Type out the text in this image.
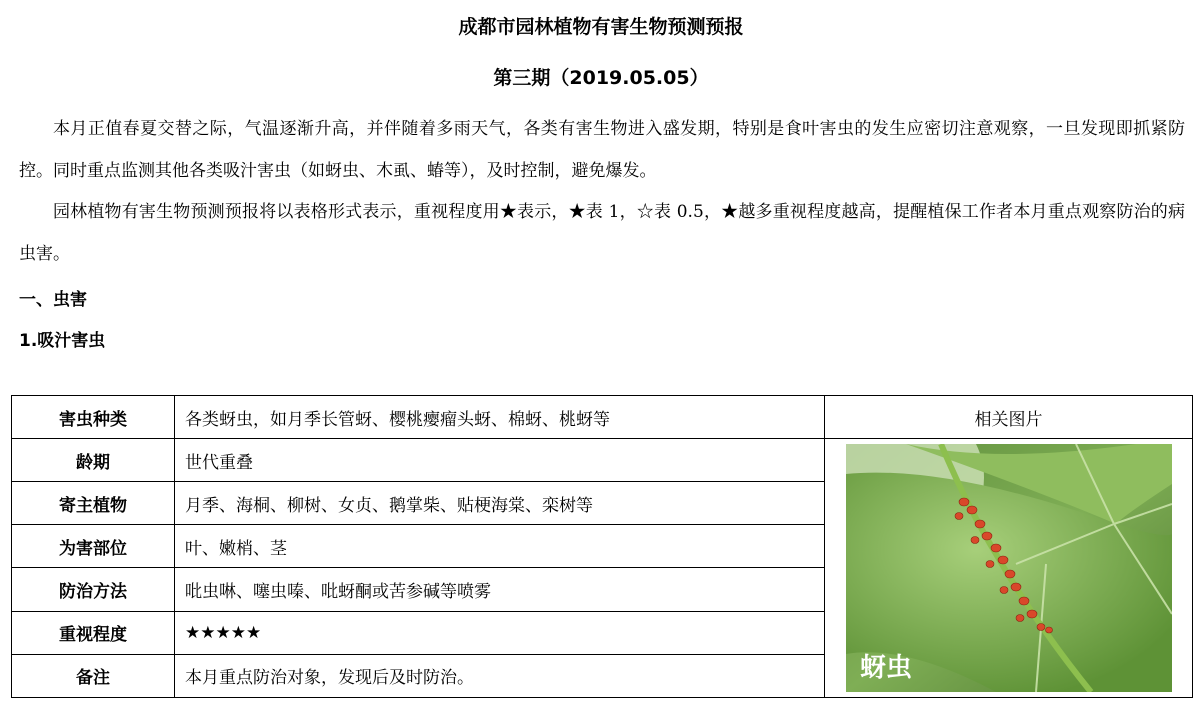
成都市园林植物有害生物预测预报
第三期（2019.05.05）

本月正值春夏交替之际，气温逐渐升高，并伴随着多雨天气，各类有害生物进入盛发期，特别是食叶害虫的发生应密切注意观察，一旦发现即抓紧防控。同时重点监测其他各类吸汁害虫（如蚜虫、木虱、蝽等），及时控制，避免爆发。

园林植物有害生物预测预报将以表格形式表示，重视程度用★表示，★表 1，☆表 0.5，★越多重视程度越高，提醒植保工作者本月重点观察防治的病虫害。

一、虫害
1.吸汁害虫
害虫种类	各类蚜虫，如月季长管蚜、樱桃瘿瘤头蚜、棉蚜、桃蚜等	相关图片
龄期	世代重叠	蚜虫

寄主植物	月季、海桐、柳树、女贞、鹅掌柴、贴梗海棠、栾树等	
为害部位	叶、嫩梢、茎	
防治方法	吡虫啉、噻虫嗪、吡蚜酮或苦参碱等喷雾	
重视程度	★★★★★	
备注	本月重点防治对象，发现后及时防治。	
